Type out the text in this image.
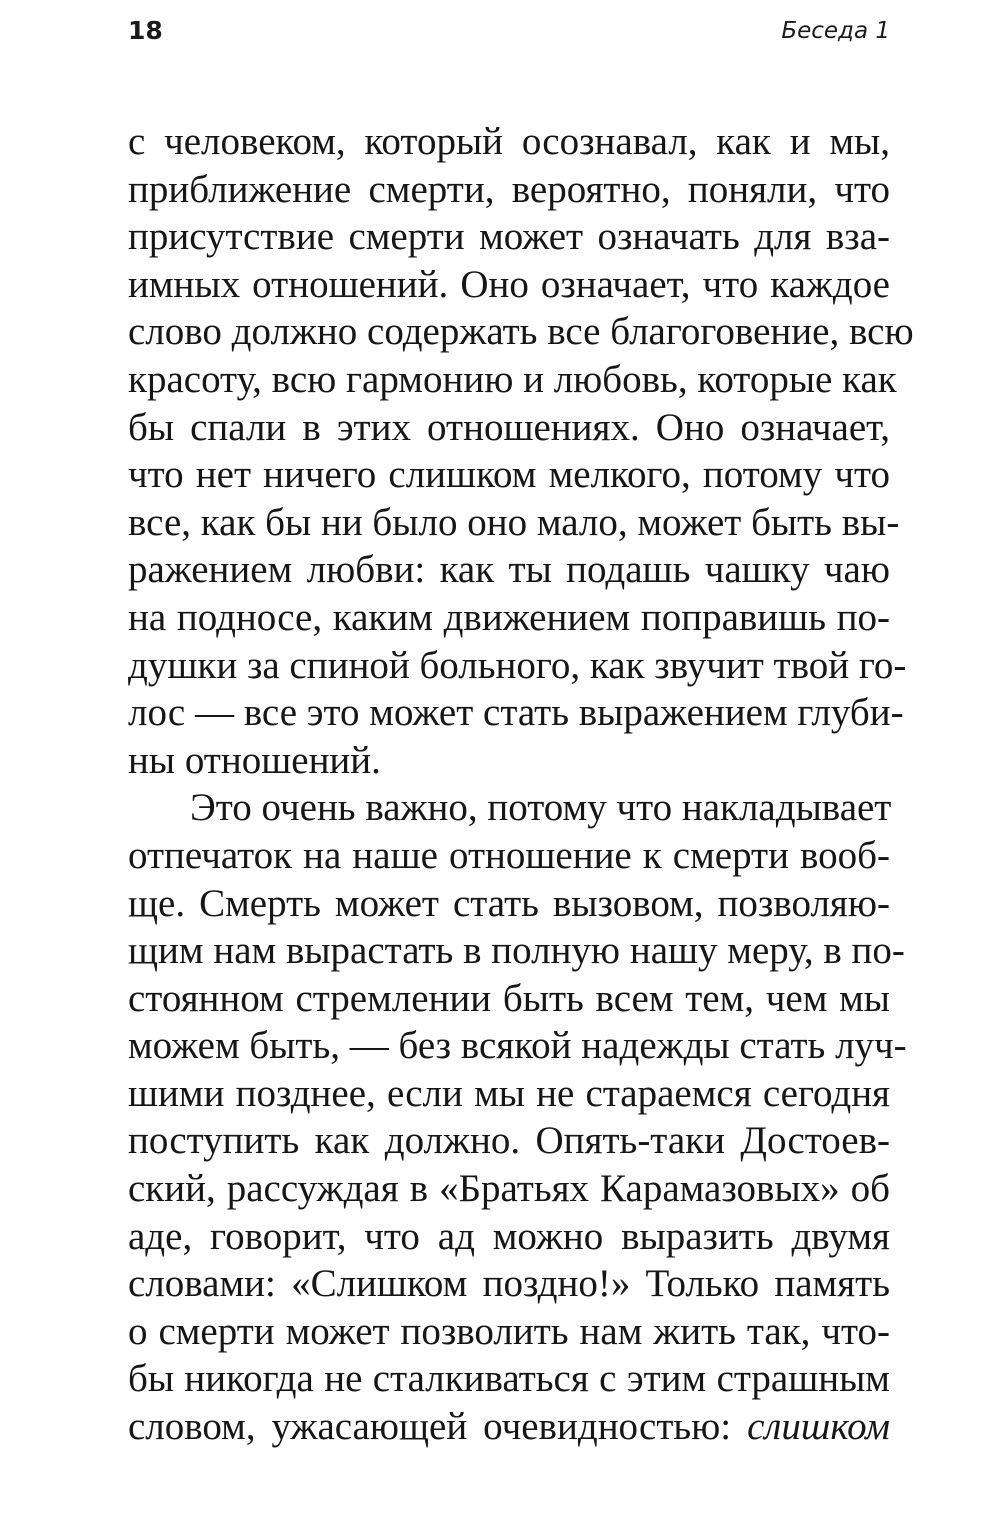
18	Беседа 1
с человеком, который осознавал, как и мы,
приближение смерти, вероятно, поняли, что
присутствие смерти может означать для вза-
имных отношений. Оно означает, что каждое
слово должно содержать все благоговение, всю
красоту, всю гармонию и любовь, которые как
бы спали в этих отношениях. Оно означает,
что нет ничего слишком мелкого, потому что
все, как бы ни было оно мало, может быть вы-
ражением любви: как ты подашь чашку чаю
на подносе, каким движением поправишь по-
душки за спиной больного, как звучит твой го-
лос — все это может стать выражением глуби-
ны отношений.
Это очень важно, потому что накладывает
отпечаток на наше отношение к смерти вооб-
ще. Смерть может стать вызовом, позволяю-
щим нам вырастать в полную нашу меру, в по-
стоянном стремлении быть всем тем, чем мы
можем быть, — без всякой надежды стать луч-
шими позднее, если мы не стараемся сегодня
поступить как должно. Опять-таки Достоев-
ский, рассуждая в «Братьях Карамазовых» об
аде, говорит, что ад можно выразить двумя
словами: «Слишком поздно!» Только память
о смерти может позволить нам жить так, что-
бы никогда не сталкиваться с этим страшным
словом, ужасающей очевидностью: слишком
